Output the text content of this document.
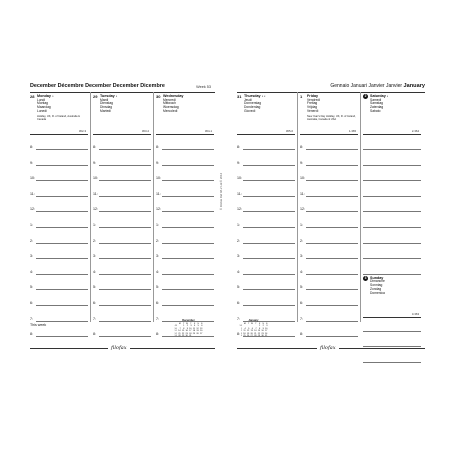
December Décembre December December Dicembre	Week 53
28 Monday ◑
Lundi
Montag
Maandag
Lunedì
Holiday, UK, R. of Ireland, Australia & Canada
362-3
8:
9:
10:
11:
12:
1:
2:
3:
4:
5:
6:
7:
8:
29 Tuesday ◑
Mardi
Dienstag
Dinsdag
Martedì
363-2
8:
9:
10:
11:
12:
1:
2:
3:
4:
5:
6:
7:
8:
30 Wednesday
Mercredi
Mittwoch
Woensdag
Mercoledì
364-1
8:
9:
10:
11:
12:
1:
2:
3:
4:
5:
6:
7:
8:
This week
December
	M	T	W	T	F	S	S
49		1	2	3	4	5	6
50	7	8	9	10	11	12	13
51	14	15	16	17	18	19	20
52	21	22	23	24	25	26	27
53	28	29	30	31			
filofax
Gennaio Januari Janvier Janvier January
31 Thursday ◑ ◐
Jeudi
Donnerstag
Donderdag
Giovedì
365-0
8:
9:
10:
11:
12:
1:
2:
3:
4:
5:
6:
7:
8:
1 Friday
Vendredi
Freitag
Vrijdag
Venerdì
New Year's Day Holiday, UK, R. of Ireland, Australia, Canada & USA
1-365
8:
9:
10:
11:
12:
1:
2:
3:
4:
5:
6:
7:
8:
2 Saturday ◐
Samedi
Samstag
Zaterdag
Sabato
2-364
3 Sunday
Dimanche
Sonntag
Zondag
Domenica
3-363
January
	M	T	W	T	F	S	S
53					1	2	3
1	4	5	6	7	8	9	10
2	11	12	13	14	15	16	17
3	18	19	20	21	22	23	24
4	25	26	27	28	29	30	31
filofax
© Filofax Ref 68-2 Ltd © 2014
